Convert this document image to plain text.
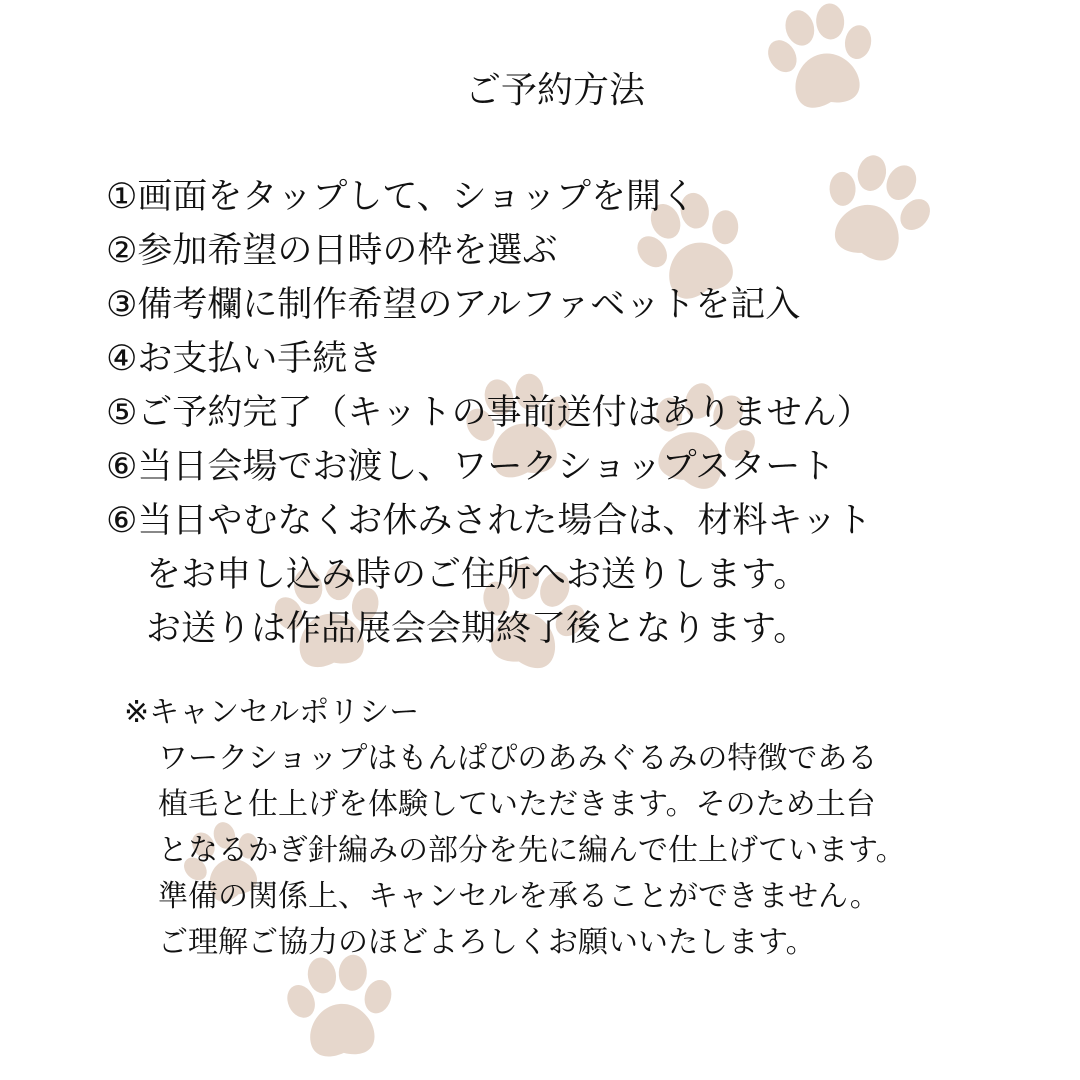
ご予約方法
①画面をタップして、ショップを開く
②参加希望の日時の枠を選ぶ
③備考欄に制作希望のアルファベットを記入
④お支払い手続き
⑤ご予約完了（キットの事前送付はありません）
⑥当日会場でお渡し、ワークショップスタート
⑥当日やむなくお休みされた場合は、材料キット
をお申し込み時のご住所へお送りします。
お送りは作品展会会期終了後となります。
※キャンセルポリシー
ワークショップはもんぱぴのあみぐるみの特徴である
植毛と仕上げを体験していただきます。そのため土台
となるかぎ針編みの部分を先に編んで仕上げています。
準備の関係上、キャンセルを承ることができません。
ご理解ご協力のほどよろしくお願いいたします。
